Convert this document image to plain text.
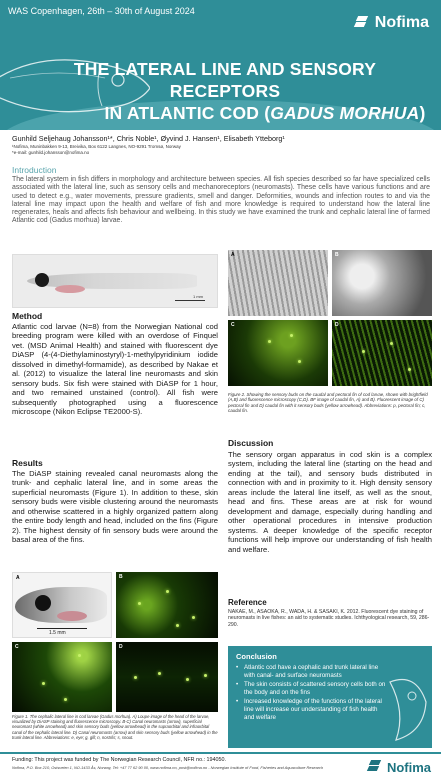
WAS Copenhagen, 26th – 30th of August 2024
Nofima
THE LATERAL LINE AND SENSORY RECEPTORS
IN ATLANTIC COD (GADUS MORHUA)
Gunhild Seljehaug Johansson¹*, Chris Noble¹, Øyvind J. Hansen¹, Elisabeth Ytteborg¹
¹Nofima, Muninbakken 9-13, Breivika, Box 6122 Langnes, NO-9291 Tromsø, Norway
*e-mail: gunhild.johansson@nofima.no
Introduction
The lateral system in fish differs in morphology and architecture between species. All fish species described so far have specialized cells associated with the lateral line, such as sensory cells and mechanoreceptors (neuromasts). These cells have various functions and are used to detect e.g., water movements, pressure gradients, smell and danger. Deformities, wounds and infection routes to and via the lateral line may impact upon the health and welfare of fish and more knowledge is required to understand how the lateral line regenerates, heals and affects fish behaviour and wellbeing. In this study we have examined the trunk and cephalic lateral line of farmed Atlantic cod (Gadus morhua) larvae.
1 mm
Method
Atlantic cod larvae (N=8) from the Norwegian National cod breeding program were killed with an overdose of Finquel vet. (MSD Animal Health) and stained with fluorescent dye DiASP (4-(4-Diethylaminostyryl)-1-methylpyridinium iodide dissolved in dimethyl-formamide), as described by Nakae et al. (2012) to visualize the lateral line neuromasts and skin sensory buds. Six fish were stained with DiASP for 1 hour, and two remained unstained (control). All fish were subsequently photographed using a fluorescence microscope (Nikon Eclipse TE2000-S).
Results
The DiASP staining revealed canal neuromasts along the trunk- and cephalic lateral line, and in some areas the superficial neuromasts (Figure 1). In addition to these, skin sensory buds were visible clustering around the neuromasts and otherwise scattered in a highly organized pattern along the entire body length and head, included on the fins (Figure 2). The highest density of fin sensory buds were around the basal area of the fins.
A	B
C	D
Figure 2. Showing the sensory buds on the caudal and pectoral fin of cod larvae, shown with brightfield (A,B) and fluorescence microscopy (C,D). BF image of caudal fin, A) and B). Fluorescent image of C) pectoral fin and D) caudal fin with it sensory buds (yellow arrowhead). Abbreviations: p, pectoral fin; c, caudal fin.
Discussion
The sensory organ apparatus in cod skin is a complex system, including the lateral line (starting on the head and ending at the tail), and sensory buds distributed in connection with and in proximity to it. High density sensory areas include the lateral line itself, as well as the snout, head and fins. These areas are at risk for wound development and damage, especially during handling and other operational procedures in intensive production systems. A deeper knowledge of the specific receptor functions will help improve our understanding of fish health and welfare.
A
1.5 mm
B
C	D
Figure 1. The cephalic lateral line in cod larvae (Gadus morhua). A) Loupe image of the head of the larvae, visualized by DiASP staining and fluorescence microscopy. B-C) Canal neuromasts (arrow), superficial neuromast (white arrowhead) and skin sensory buds (yellow arrowhead) in the supraorbital and infraorbital canal of the cephalic lateral line. D) Canal neuromasts (arrow) and skin sensory buds (yellow arrowhead) in the trunk lateral line. Abbreviations: e, eye; g, gill; n, nostrils; s, snout.
Reference
NAKAE, M., ASAOKA, R., WADA, H. & SASAKI, K. 2012. Fluorescent dye staining of neuromasts in live fishes: an aid to systematic studies. Ichthyological research, 59, 286-290.
Conclusion
• Atlantic cod have a cephalic and trunk lateral line with canal- and surface neuromasts
• The skin consists of scattered sensory cells both on the body and on the fins
• Increased knowledge of the functions of the lateral line will increase our understanding of fish health and welfare
Funding: This project was funded by The Norwegian Research Council, NFR no.: 194050.
Nofima, P.O. Box 210, Ostsveien 1, NO-1433 Ås, Norway, Tel: +47 77 62 90 00, www.nofima.no, post@nofima.no - Norwegian Institute of Food, Fisheries and Aquaculture Research	Nofima
